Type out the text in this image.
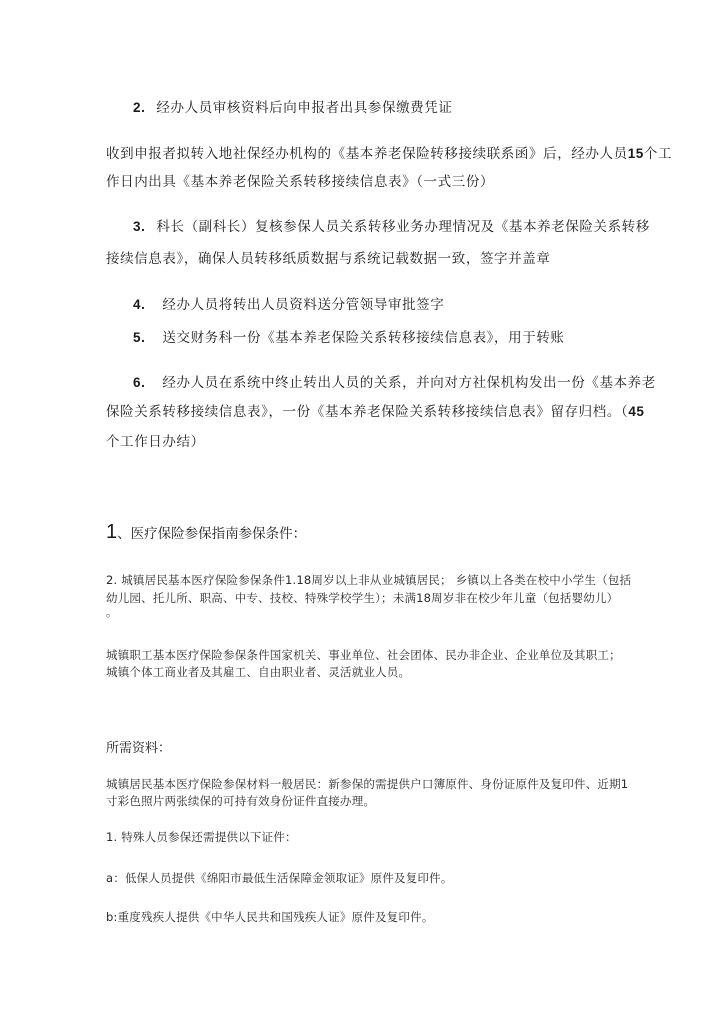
2. 经办人员审核资料后向申报者出具参保缴费凭证
收到申报者拟转入地社保经办机构的《基本养老保险转移接续联系函》后，经办人员15个工
作日内出具《基本养老保险关系转移接续信息表》（一式三份）
3. 科长（副科长）复核参保人员关系转移业务办理情况及《基本养老保险关系转移
接续信息表》，确保人员转移纸质数据与系统记载数据一致，签字并盖章
4. 经办人员将转出人员资料送分管领导审批签字
5. 送交财务科一份《基本养老保险关系转移接续信息表》，用于转账
6. 经办人员在系统中终止转出人员的关系，并向对方社保机构发出一份《基本养老
保险关系转移接续信息表》，一份《基本养老保险关系转移接续信息表》留存归档。（45
个工作日办结）
1、医疗保险参保指南参保条件：
2. 城镇居民基本医疗保险参保条件1.18周岁以上非从业城镇居民； 乡镇以上各类在校中小学生（包括
幼儿园、托儿所、职高、中专、技校、特殊学校学生）；未满18周岁非在校少年儿童（包括婴幼儿）
。
城镇职工基本医疗保险参保条件国家机关、事业单位、社会团体、民办非企业、企业单位及其职工；
城镇个体工商业者及其雇工、自由职业者、灵活就业人员。
所需资料：
城镇居民基本医疗保险参保材料一般居民：新参保的需提供户口簿原件、身份证原件及复印件、近期1
寸彩色照片两张续保的可持有效身份证件直接办理。
1. 特殊人员参保还需提供以下证件：
a：低保人员提供《绵阳市最低生活保障金领取证》原件及复印件。
b:重度残疾人提供《中华人民共和国残疾人证》原件及复印件。
